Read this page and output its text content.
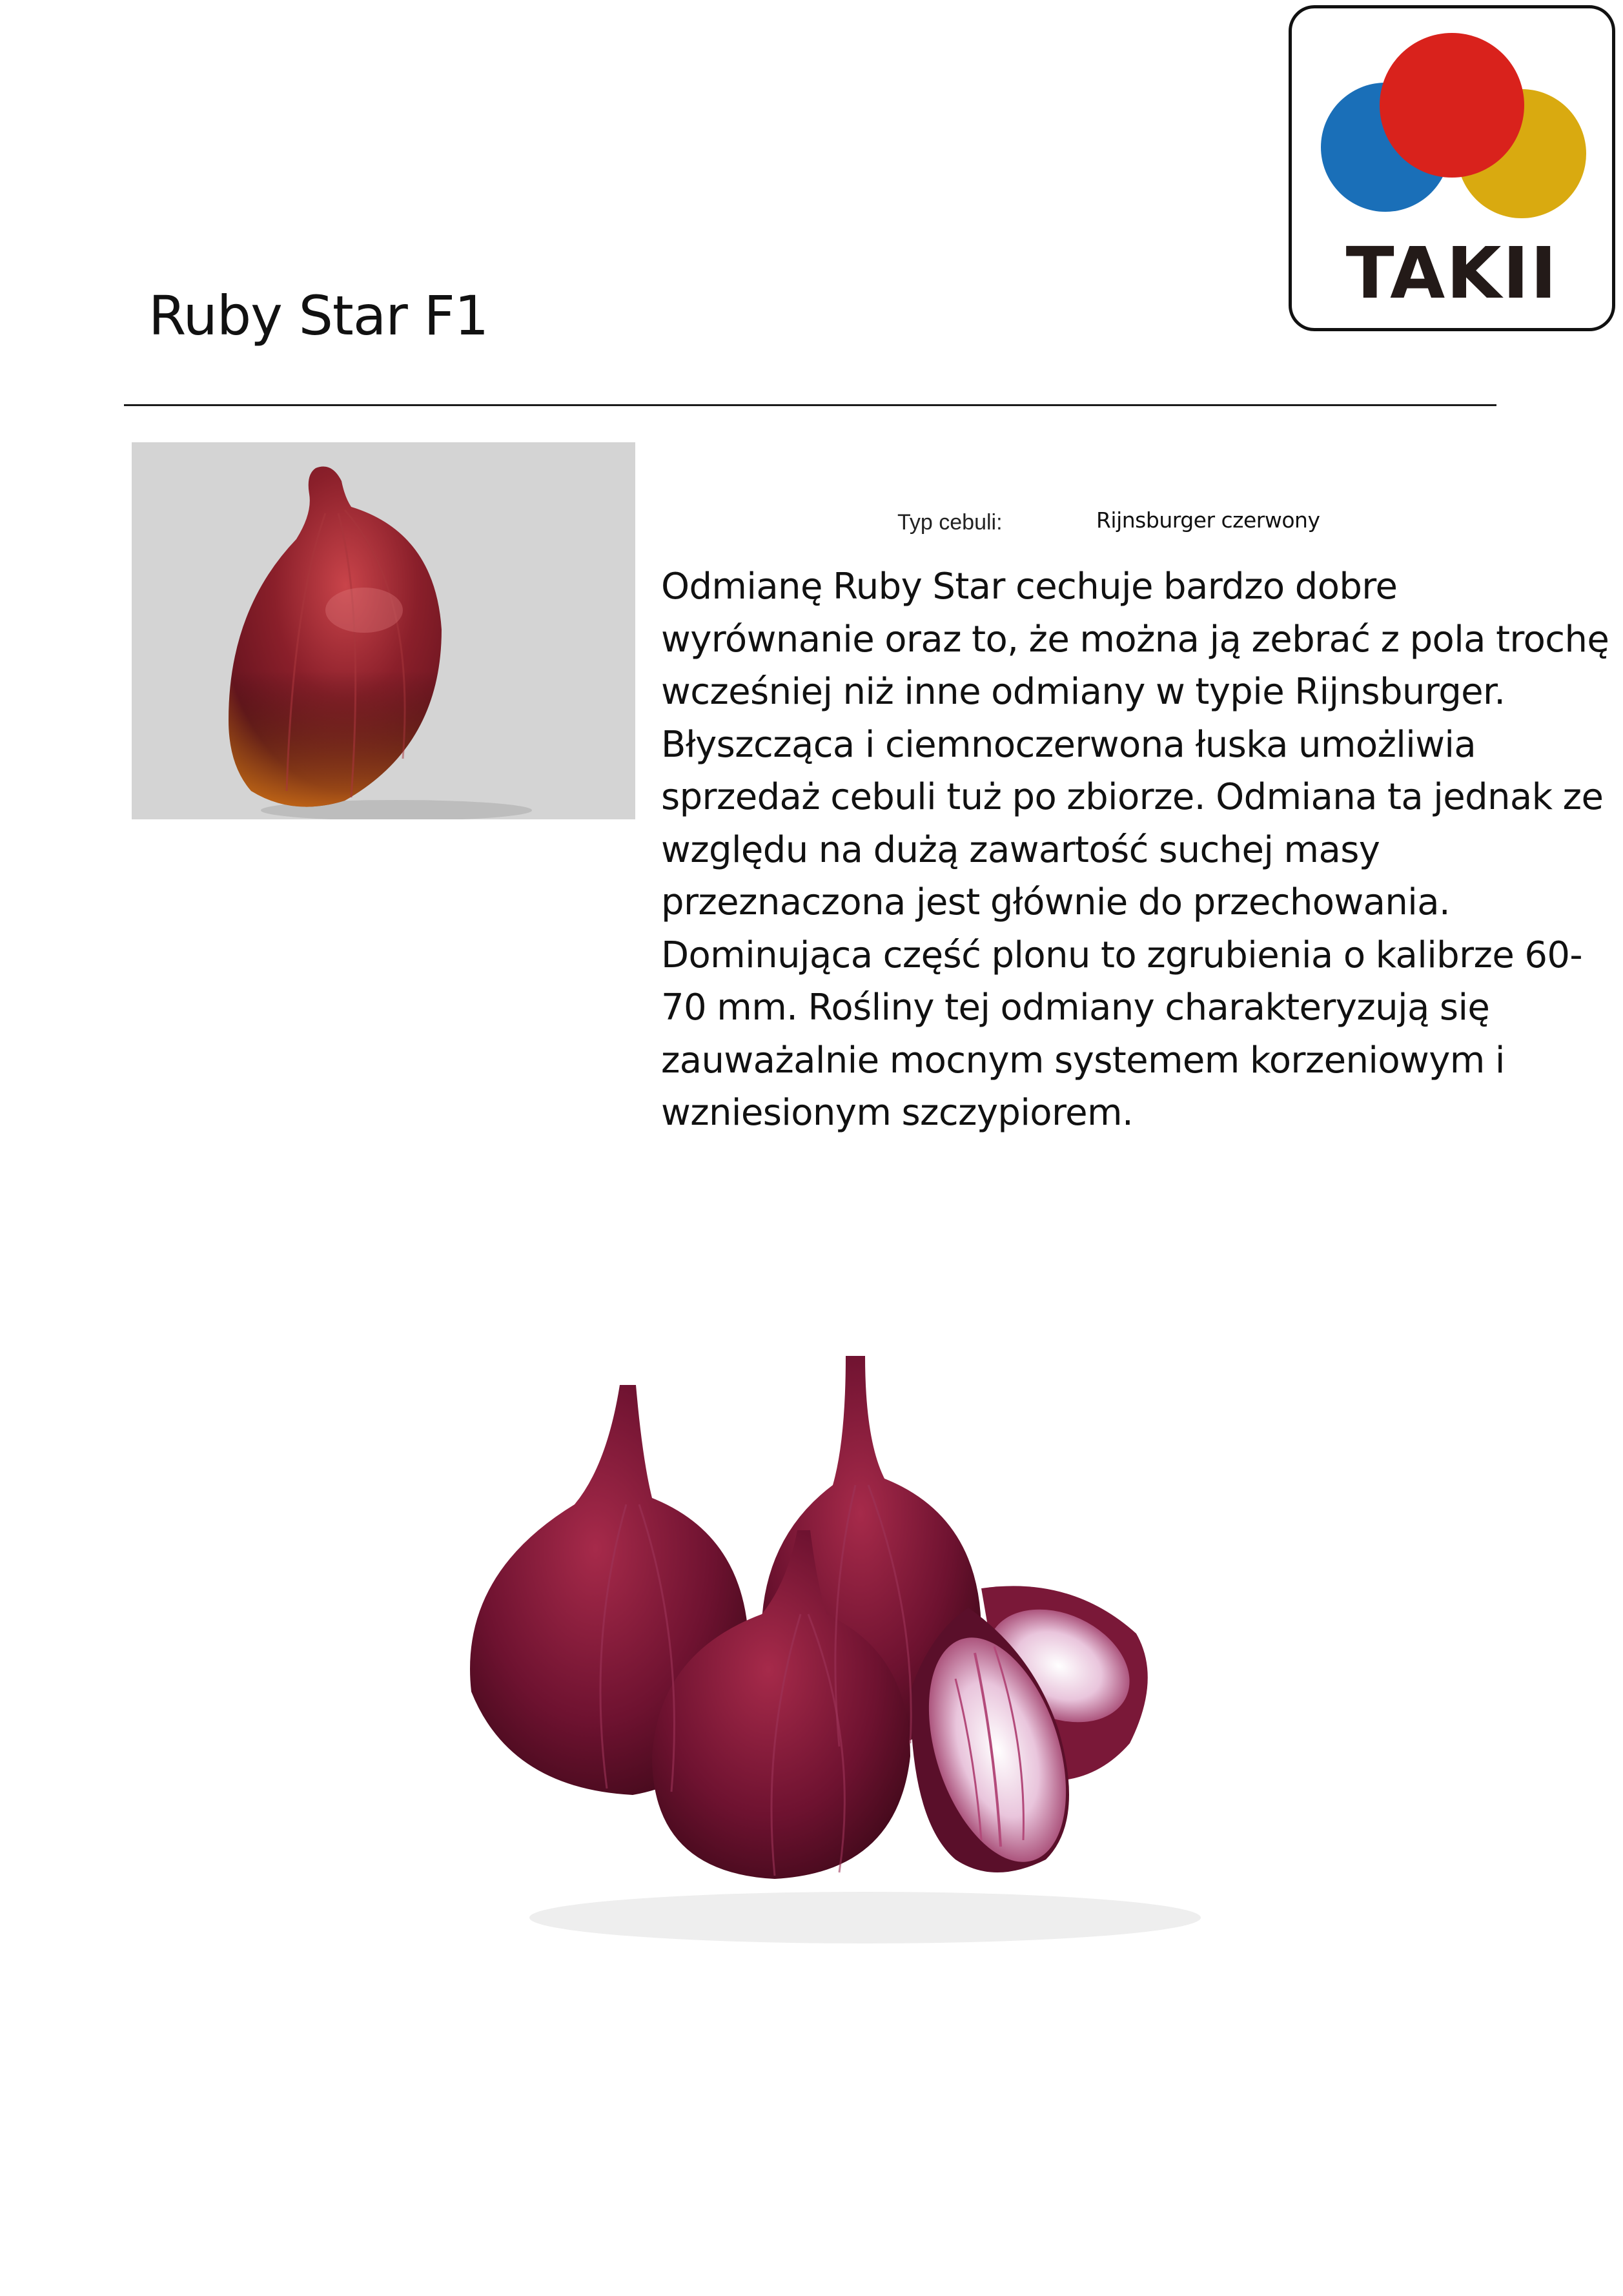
TAKII
Ruby Star F1
Typ cebuli:	Rijnsburger czerwony
Odmianę Ruby Star cechuje bardzo dobre wyrównanie oraz to, że można ją zebrać z pola trochę wcześniej niż inne odmiany w typie Rijnsburger. Błyszcząca i ciemnoczerwona łuska umożliwia sprzedaż cebuli tuż po zbiorze. Odmiana ta jednak ze względu na dużą zawartość suchej masy przeznaczona jest głównie do przechowania. Dominująca część plonu to zgrubienia o kalibrze 60-70 mm. Rośliny tej odmiany charakteryzują się zauważalnie mocnym systemem korzeniowym i wzniesionym szczypiorem.
